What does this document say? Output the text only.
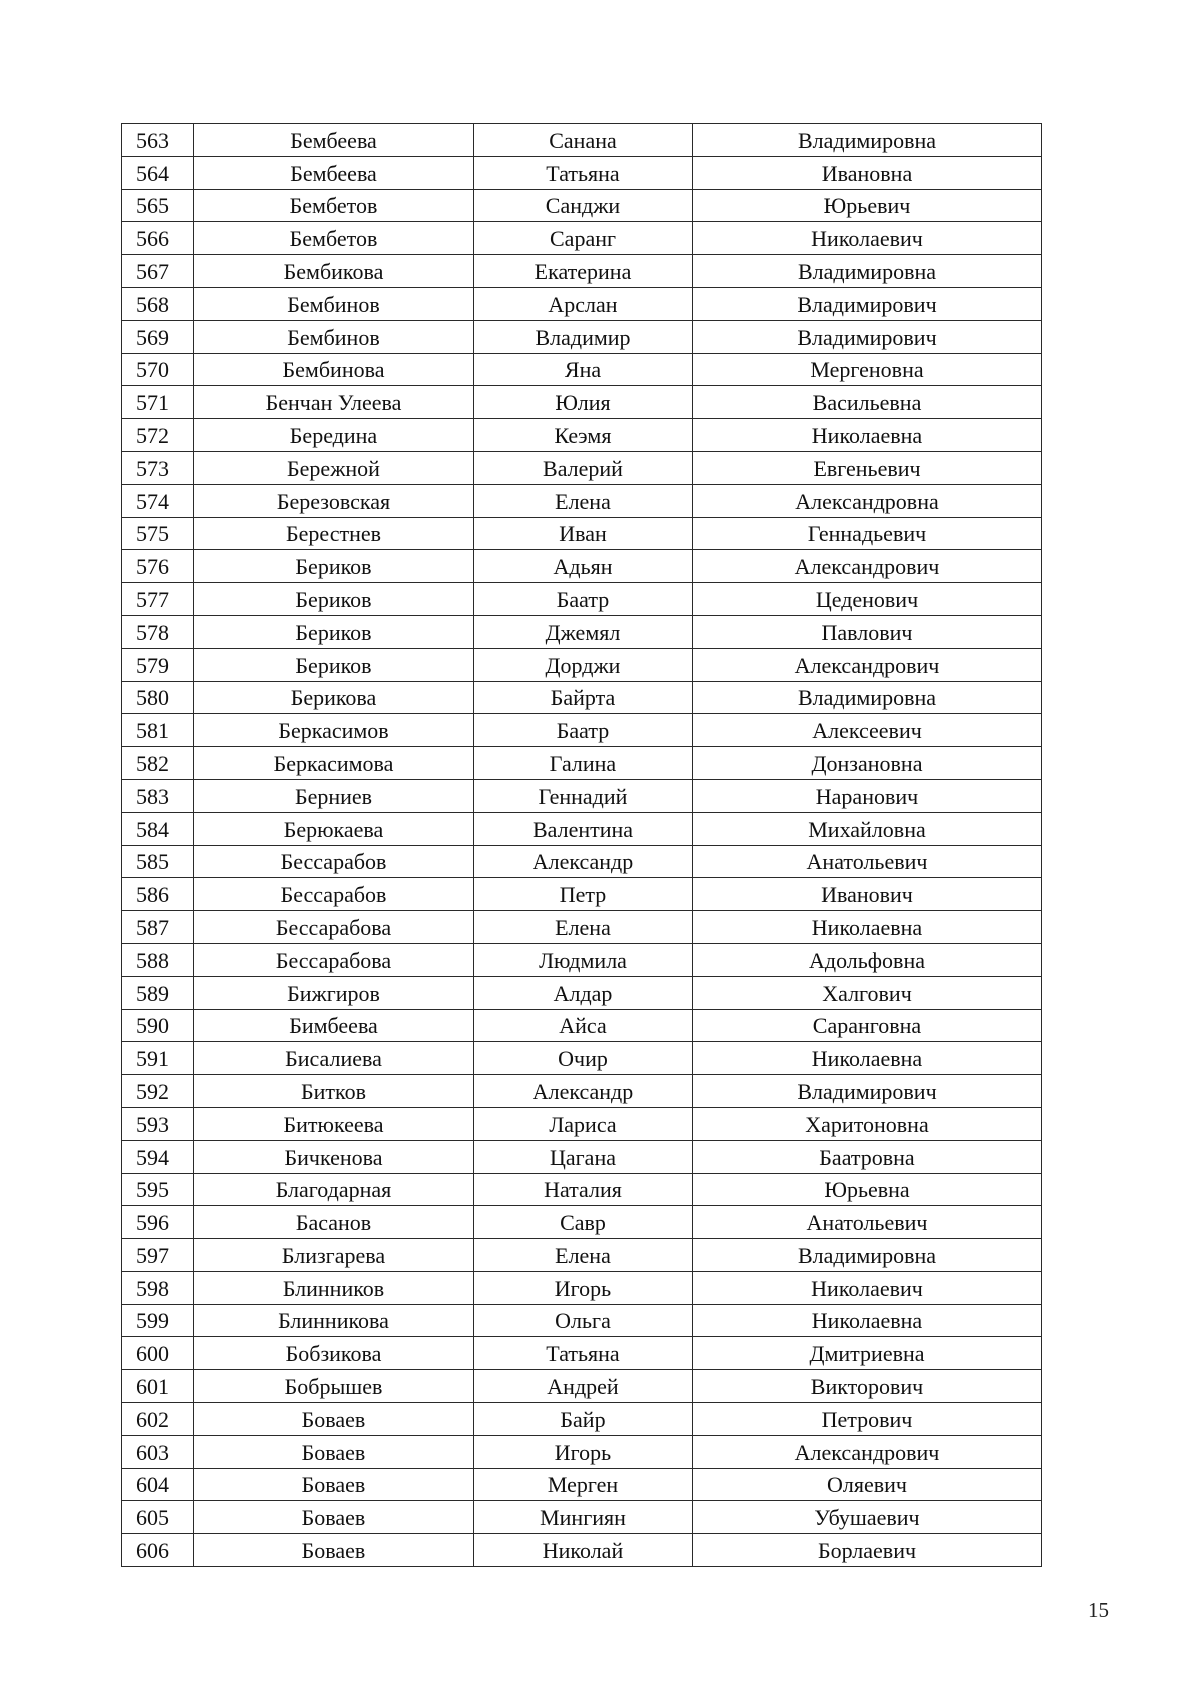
563	Бембеева	Санана	Владимировна
564	Бембеева	Татьяна	Ивановна
565	Бембетов	Санджи	Юрьевич
566	Бембетов	Саранг	Николаевич
567	Бембикова	Екатерина	Владимировна
568	Бембинов	Арслан	Владимирович
569	Бембинов	Владимир	Владимирович
570	Бембинова	Яна	Мергеновна
571	Бенчан Улеева	Юлия	Васильевна
572	Бередина	Кеэмя	Николаевна
573	Бережной	Валерий	Евгеньевич
574	Березовская	Елена	Александровна
575	Берестнев	Иван	Геннадьевич
576	Бериков	Адьян	Александрович
577	Бериков	Баатр	Цеденович
578	Бериков	Джемял	Павлович
579	Бериков	Дорджи	Александрович
580	Берикова	Байрта	Владимировна
581	Беркасимов	Баатр	Алексеевич
582	Беркасимова	Галина	Донзановна
583	Берниев	Геннадий	Наранович
584	Берюкаева	Валентина	Михайловна
585	Бессарабов	Александр	Анатольевич
586	Бессарабов	Петр	Иванович
587	Бессарабова	Елена	Николаевна
588	Бессарабова	Людмила	Адольфовна
589	Бижгиров	Алдар	Халгович
590	Бимбеева	Айса	Саранговна
591	Бисалиева	Очир	Николаевна
592	Битков	Александр	Владимирович
593	Битюкеева	Лариса	Харитоновна
594	Бичкенова	Цагана	Баатровна
595	Благодарная	Наталия	Юрьевна
596	Басанов	Савр	Анатольевич
597	Близгарева	Елена	Владимировна
598	Блинников	Игорь	Николаевич
599	Блинникова	Ольга	Николаевна
600	Бобзикова	Татьяна	Дмитриевна
601	Бобрышев	Андрей	Викторович
602	Боваев	Байр	Петрович
603	Боваев	Игорь	Александрович
604	Боваев	Мерген	Оляевич
605	Боваев	Мингиян	Убушаевич
606	Боваев	Николай	Борлаевич
15
